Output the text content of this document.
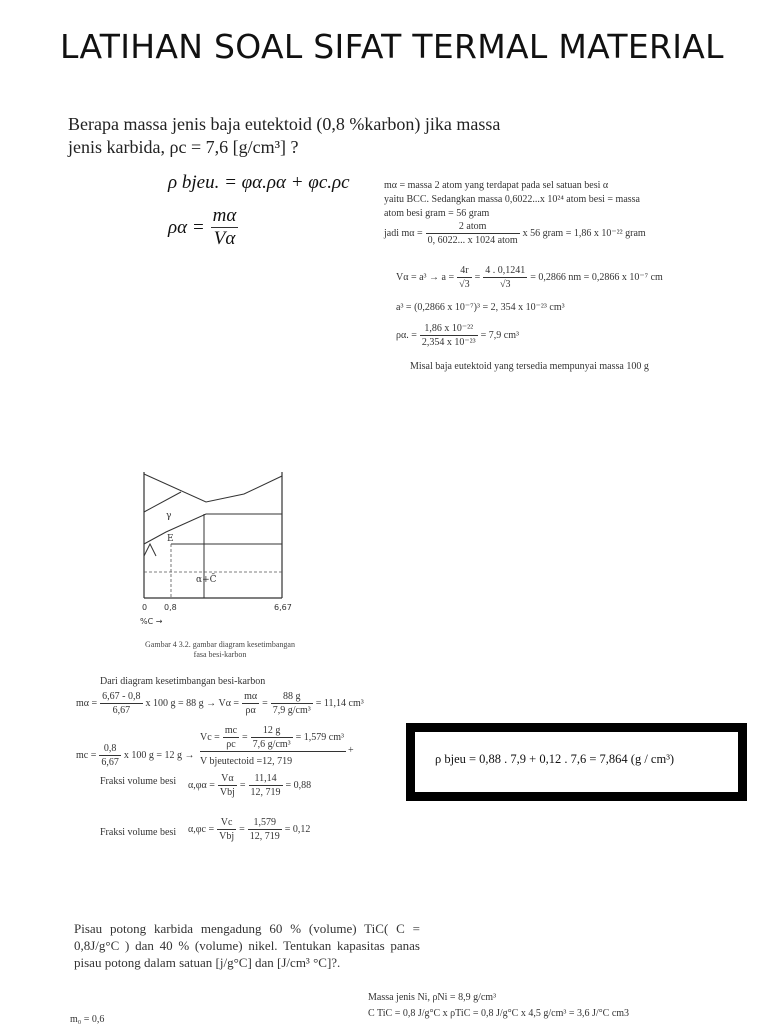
LATIHAN SOAL SIFAT TERMAL MATERIAL
Berapa massa jenis baja eutektoid (0,8 %karbon) jika massa
jenis karbida, ρc = 7,6 [g/cm³] ?
ρ bjeu. = φα.ρα + φc.ρc
$\rho\alpha = \frac{m\alpha}{V\alpha}$
mα = massa 2 atom yang terdapat pada sel satuan besi α
yaitu BCC. Sedangkan massa 0,6022...x 10²⁴ atom besi = massa
atom besi gram = 56 gram
jadi $m\alpha = \frac{\text{2 atom}}{\text{0, 6022... x 1024 atom}}$ x 56 gram = 1,86 x 10⁻²² gram
$V\alpha = a^3 \to a = \frac{4r}{√3} = \frac{4 . 0,1241}{√3} = 0,2866$ nm = 0,2866 x 10⁻⁷ cm
a³ = (0,2866 x 10⁻⁷)³ = 2, 354 x 10⁻²³ cm³
ρα. = $\frac{\text{1,86 x 10⁻²²}}{\text{2,354 x 10⁻²³}} = 7,9$ cm³
Misal baja eutektoid yang tersedia mempunyai massa 100 g
γ
E
α+C̄
0 0,8	6,67
%C →
Gambar 4 3.2. gambar diagram kesetimbangan
fasa besi-karbon
Dari diagram kesetimbangan besi-karbon
$m\alpha = \frac{6,67 - 0,8}{6,67}$ x 100 g = 88 $g \to V\alpha = \frac{m\alpha}{\rho\alpha} = \frac{88 g}{\text{7,9 g/cm³}} = 11,14$ cm³
$Vc = \frac{mc}{\rho c} = \frac{12 g}{\text{7,6 g/cm³}} = 1,579$ cm³
mc = $\frac{0,8}{6,67}$ x 100 g = 12 g →	+
V bjeutectoid =12, 719
Fraksi volume besi $\alpha,\varphi\alpha = \frac{V\alpha}{\text{Vbj}} = \frac{11,14}{12, 719} = 0,88$
Fraksi volume besi $\alpha,\varphi c = \frac{Vc}{\text{Vbj}} = \frac{1,579}{12, 719} = 0,12$
ρ bjeu = 0,88 . 7,9 + 0,12 . 7,6 = 7,864 (g / cm³)
Pisau potong karbida mengadung 60 % (volume) TiC( C = 0,8J/g°C ) dan 40 % (volume) nikel. Tentukan kapasitas panas pisau potong dalam satuan [j/g°C] dan [J/cm³ °C]?.
Massa jenis Ni, ρNi = 8,9 g/cm³
C TiC = 0,8 J/g°C x ρTiC = 0,8 J/g°C x 4,5 g/cm³ = 3,6 J/°C cm3
m₀ = 0,6
